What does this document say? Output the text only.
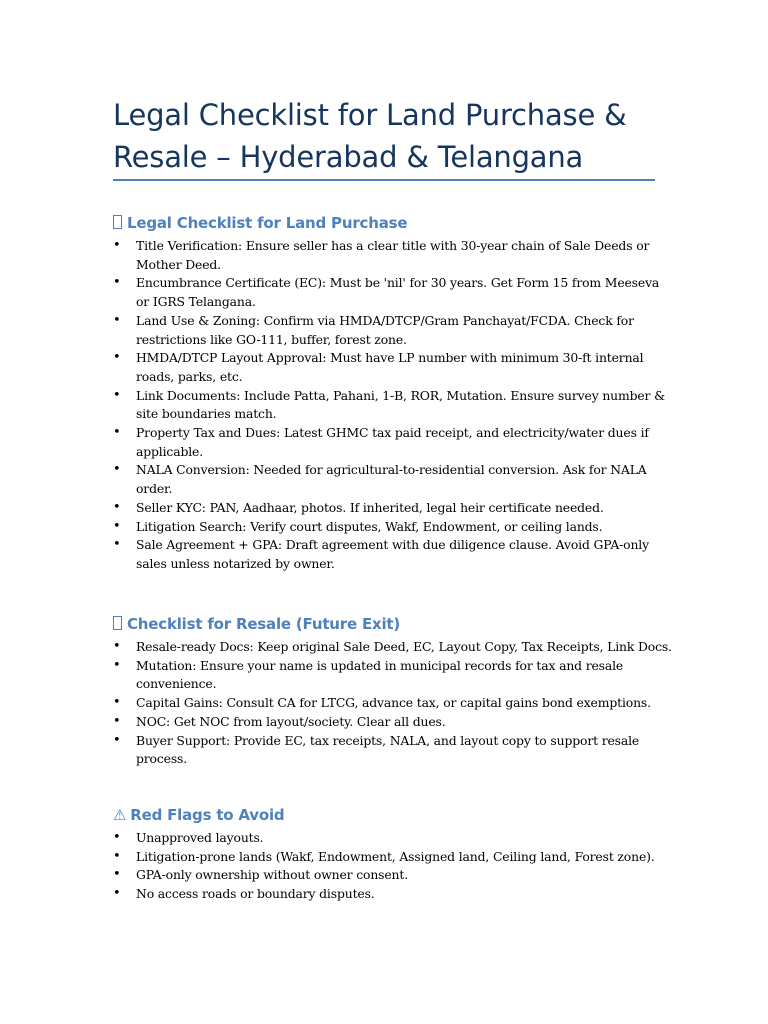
Legal Checklist for Land Purchase & Resale – Hyderabad & Telangana
Legal Checklist for Land Purchase
• Title Verification: Ensure seller has a clear title with 30-year chain of Sale Deeds or Mother Deed.
• Encumbrance Certificate (EC): Must be 'nil' for 30 years. Get Form 15 from Meeseva or IGRS Telangana.
• Land Use & Zoning: Confirm via HMDA/DTCP/Gram Panchayat/FCDA. Check for restrictions like GO-111, buffer, forest zone.
• HMDA/DTCP Layout Approval: Must have LP number with minimum 30-ft internal roads, parks, etc.
• Link Documents: Include Patta, Pahani, 1-B, ROR, Mutation. Ensure survey number & site boundaries match.
• Property Tax and Dues: Latest GHMC tax paid receipt, and electricity/water dues if applicable.
• NALA Conversion: Needed for agricultural-to-residential conversion. Ask for NALA order.
• Seller KYC: PAN, Aadhaar, photos. If inherited, legal heir certificate needed.
• Litigation Search: Verify court disputes, Wakf, Endowment, or ceiling lands.
• Sale Agreement + GPA: Draft agreement with due diligence clause. Avoid GPA-only sales unless notarized by owner.
Checklist for Resale (Future Exit)
• Resale-ready Docs: Keep original Sale Deed, EC, Layout Copy, Tax Receipts, Link Docs.
• Mutation: Ensure your name is updated in municipal records for tax and resale convenience.
• Capital Gains: Consult CA for LTCG, advance tax, or capital gains bond exemptions.
• NOC: Get NOC from layout/society. Clear all dues.
• Buyer Support: Provide EC, tax receipts, NALA, and layout copy to support resale process.
⚠ Red Flags to Avoid
• Unapproved layouts.
• Litigation-prone lands (Wakf, Endowment, Assigned land, Ceiling land, Forest zone).
• GPA-only ownership without owner consent.
• No access roads or boundary disputes.
